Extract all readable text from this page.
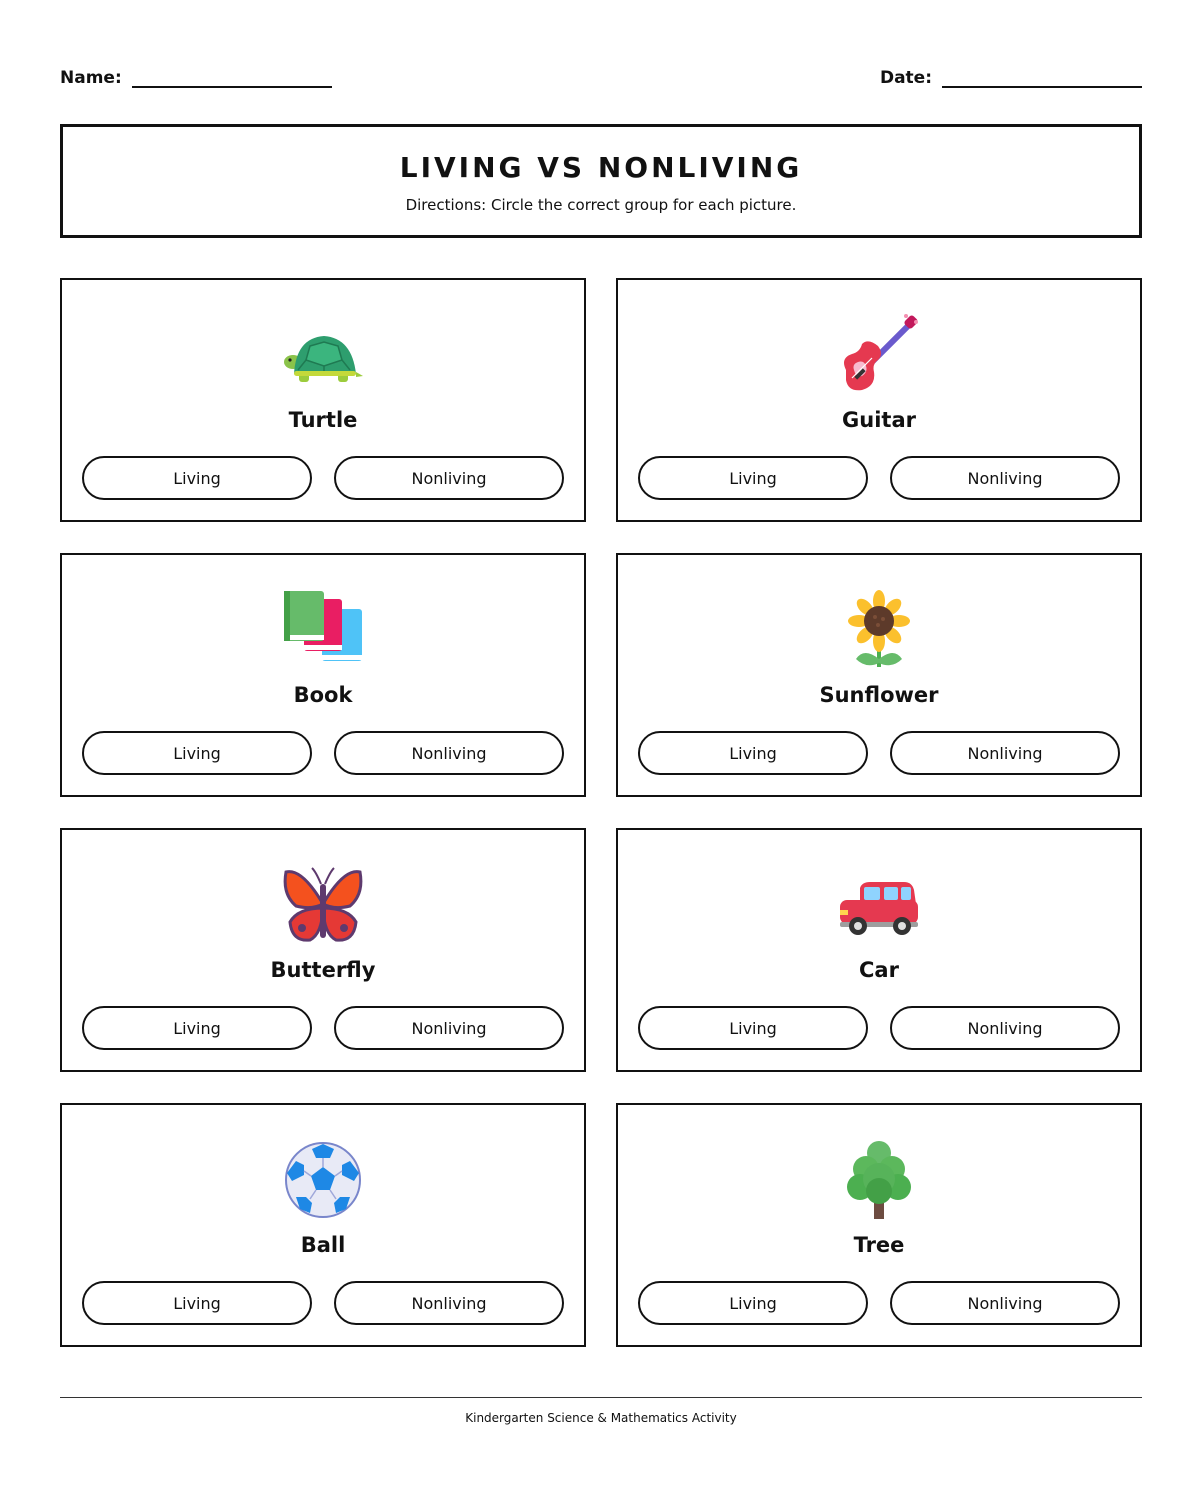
Name:	Date:
LIVING VS NONLIVING
Directions: Circle the correct group for each picture.
Turtle
Living	Nonliving
Guitar
Living	Nonliving
Book
Living	Nonliving
Sunflower
Living	Nonliving
Butterfly
Living	Nonliving
Car
Living	Nonliving
Ball
Living	Nonliving
Tree
Living	Nonliving
Kindergarten Science & Mathematics Activity
